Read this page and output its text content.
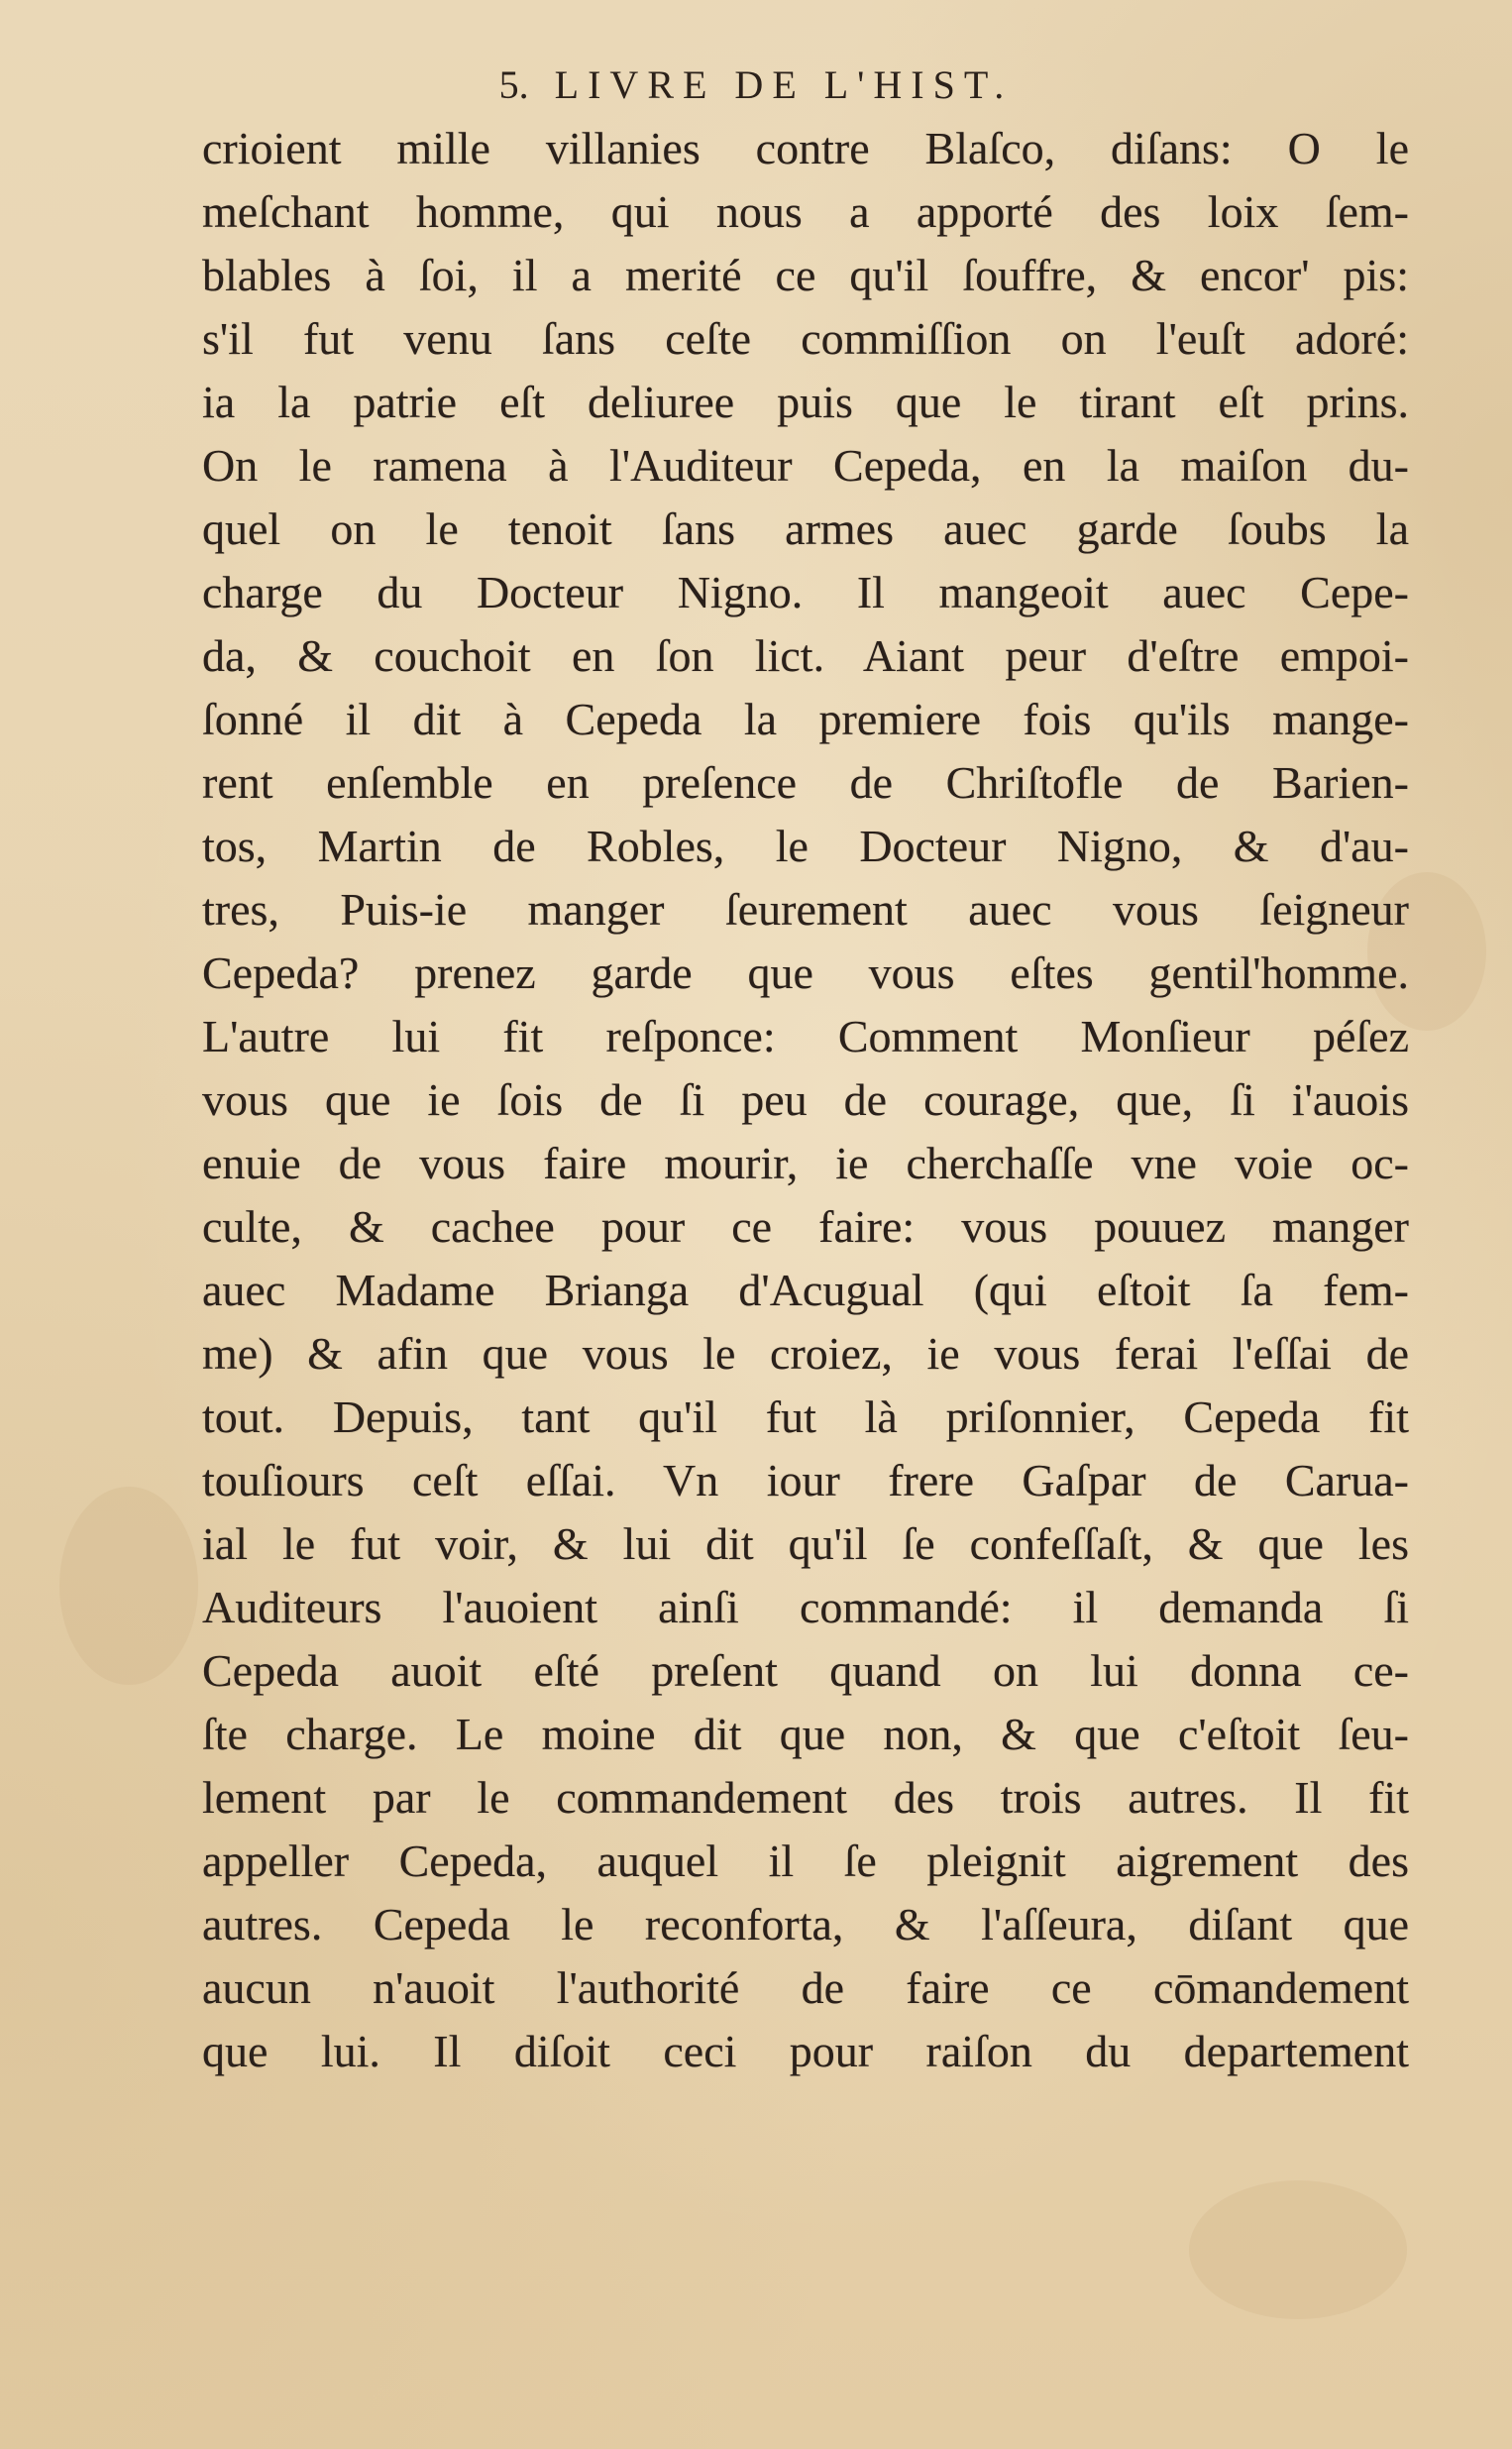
5. LIVRE DE L'HIST.
crioient mille villanies contre Blaſco, diſans: O le
meſchant homme, qui nous a apporté des loix ſem-
blables à ſoi, il a merité ce qu'il ſouffre, & encor' pis:
s'il fut venu ſans ceſte commiſſion on l'euſt adoré:
ia la patrie eſt deliuree puis que le tirant eſt prins.
On le ramena à l'Auditeur Cepeda, en la maiſon du-
quel on le tenoit ſans armes auec garde ſoubs la
charge du Docteur Nigno. Il mangeoit auec Cepe-
da, & couchoit en ſon lict. Aiant peur d'eſtre empoi-
ſonné il dit à Cepeda la premiere fois qu'ils mange-
rent enſemble en preſence de Chriſtofle de Barien-
tos, Martin de Robles, le Docteur Nigno, & d'au-
tres, Puis-ie manger ſeurement auec vous ſeigneur
Cepeda? prenez garde que vous eſtes gentil'homme.
L'autre lui fit reſponce: Comment Monſieur péſez
vous que ie ſois de ſi peu de courage, que, ſi i'auois
enuie de vous faire mourir, ie cherchaſſe vne voie oc-
culte, & cachee pour ce faire: vous pouuez manger
auec Madame Brianga d'Acugual (qui eſtoit ſa fem-
me) & afin que vous le croiez, ie vous ferai l'eſſai de
tout. Depuis, tant qu'il fut là priſonnier, Cepeda fit
touſiours ceſt eſſai. Vn iour frere Gaſpar de Carua-
ial le fut voir, & lui dit qu'il ſe confeſſaſt, & que les
Auditeurs l'auoient ainſi commandé: il demanda ſi
Cepeda auoit eſté preſent quand on lui donna ce-
ſte charge. Le moine dit que non, & que c'eſtoit ſeu-
lement par le commandement des trois autres. Il fit
appeller Cepeda, auquel il ſe pleignit aigrement des
autres. Cepeda le reconforta, & l'aſſeura, diſant que
aucun n'auoit l'authorité de faire ce cōmandement
que lui. Il diſoit ceci pour raiſon du departement
